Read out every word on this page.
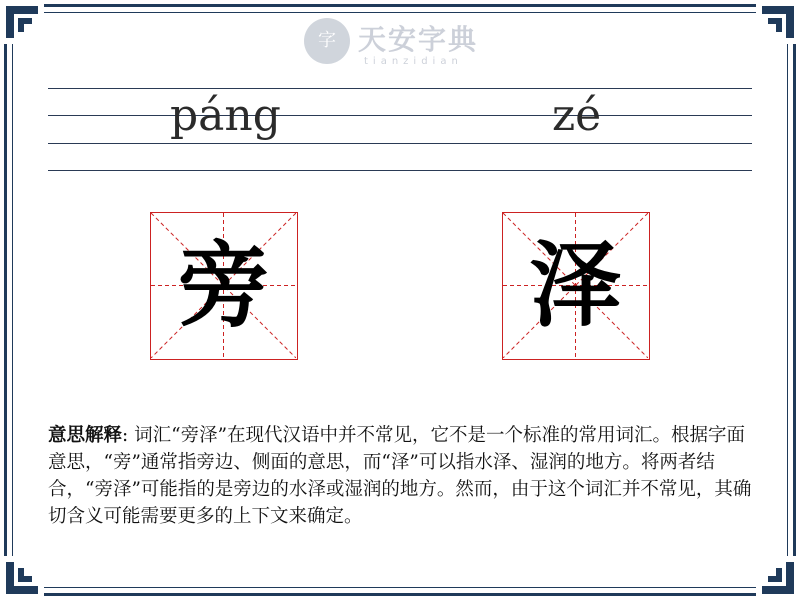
字 天安字典
tianzidian
páng	zé
旁	泽
意思解释: 词汇“旁泽”在现代汉语中并不常见，它不是一个标准的常用词汇。根据字面意思，“旁”通常指旁边、侧面的意思，而“泽”可以指水泽、湿润的地方。将两者结合，“旁泽”可能指的是旁边的水泽或湿润的地方。然而，由于这个词汇并不常见，其确切含义可能需要更多的上下文来确定。
